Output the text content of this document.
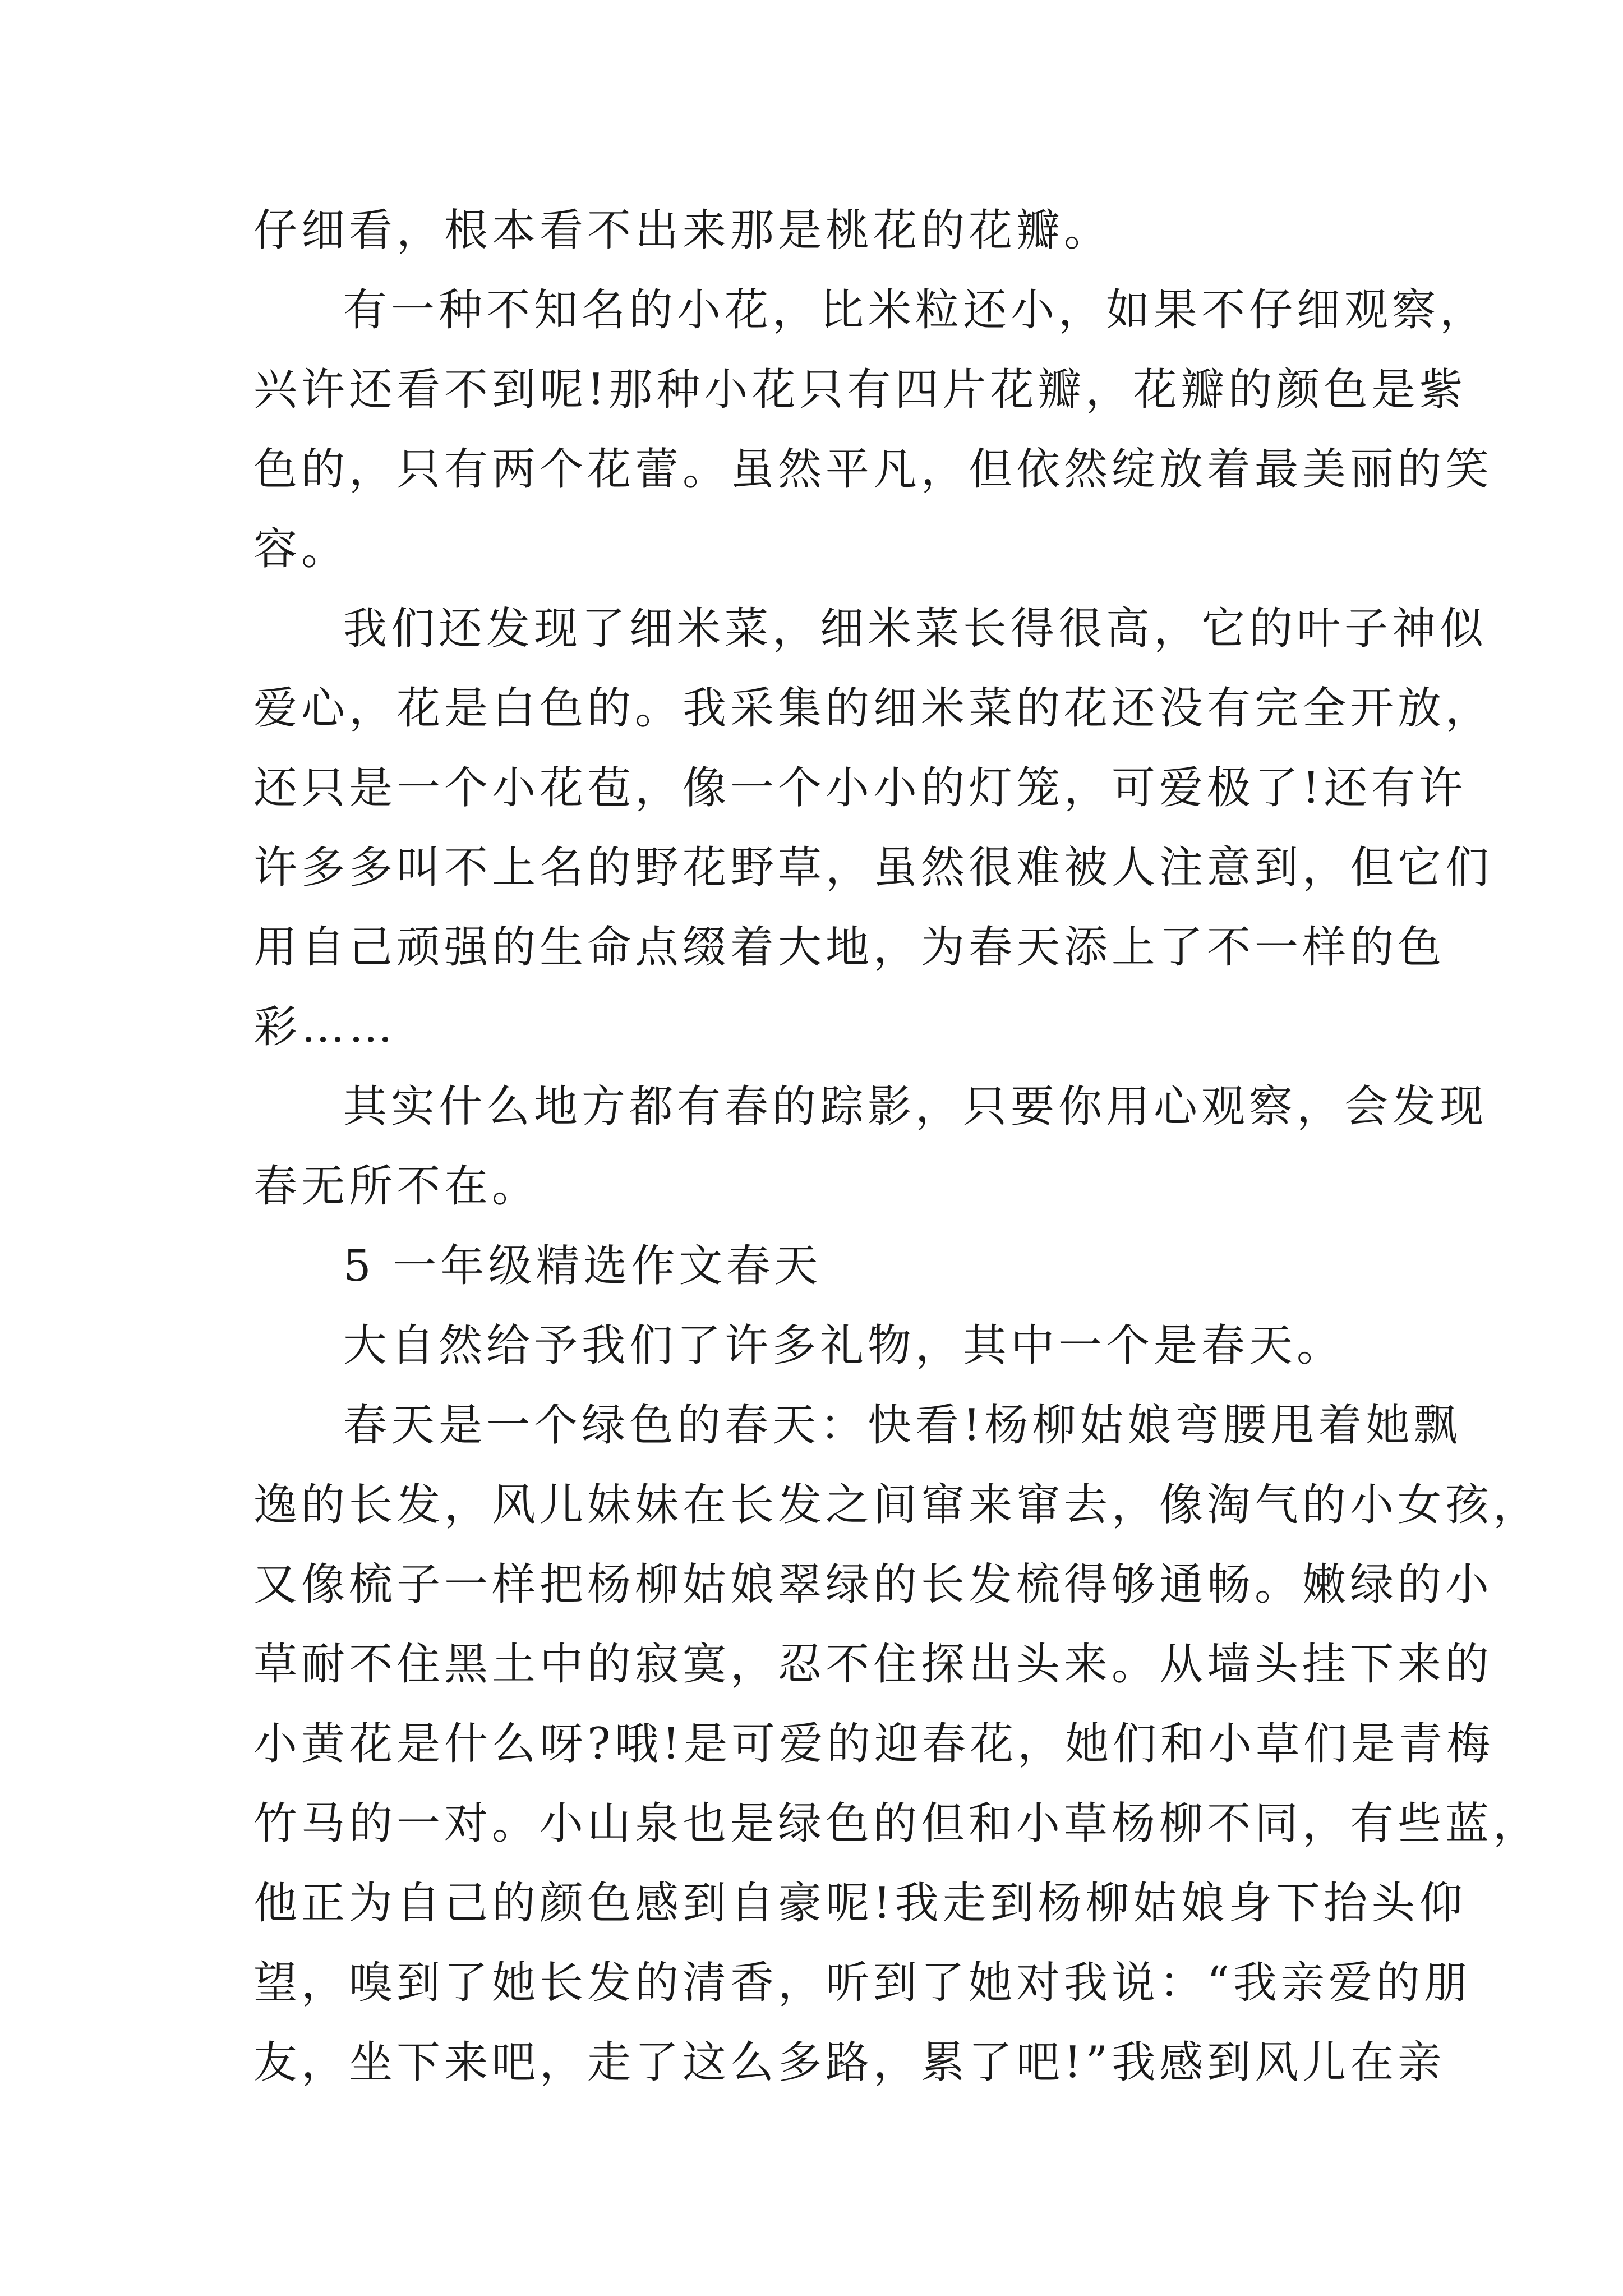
仔细看，根本看不出来那是桃花的花瓣。
有一种不知名的小花，比米粒还小，如果不仔细观察，
兴许还看不到呢!那种小花只有四片花瓣，花瓣的颜色是紫
色的，只有两个花蕾。虽然平凡，但依然绽放着最美丽的笑
容。
我们还发现了细米菜，细米菜长得很高，它的叶子神似
爱心，花是白色的。我采集的细米菜的花还没有完全开放，
还只是一个小花苞，像一个小小的灯笼，可爱极了!还有许
许多多叫不上名的野花野草，虽然很难被人注意到，但它们
用自己顽强的生命点缀着大地，为春天添上了不一样的色
彩……
其实什么地方都有春的踪影，只要你用心观察，会发现
春无所不在。
5 一年级精选作文春天
大自然给予我们了许多礼物，其中一个是春天。
春天是一个绿色的春天：快看!杨柳姑娘弯腰甩着她飘
逸的长发，风儿妹妹在长发之间窜来窜去，像淘气的小女孩，
又像梳子一样把杨柳姑娘翠绿的长发梳得够通畅。嫩绿的小
草耐不住黑土中的寂寞，忍不住探出头来。从墙头挂下来的
小黄花是什么呀?哦!是可爱的迎春花，她们和小草们是青梅
竹马的一对。小山泉也是绿色的但和小草杨柳不同，有些蓝，
他正为自己的颜色感到自豪呢!我走到杨柳姑娘身下抬头仰
望，嗅到了她长发的清香，听到了她对我说：“我亲爱的朋
友，坐下来吧，走了这么多路，累了吧!”我感到风儿在亲
